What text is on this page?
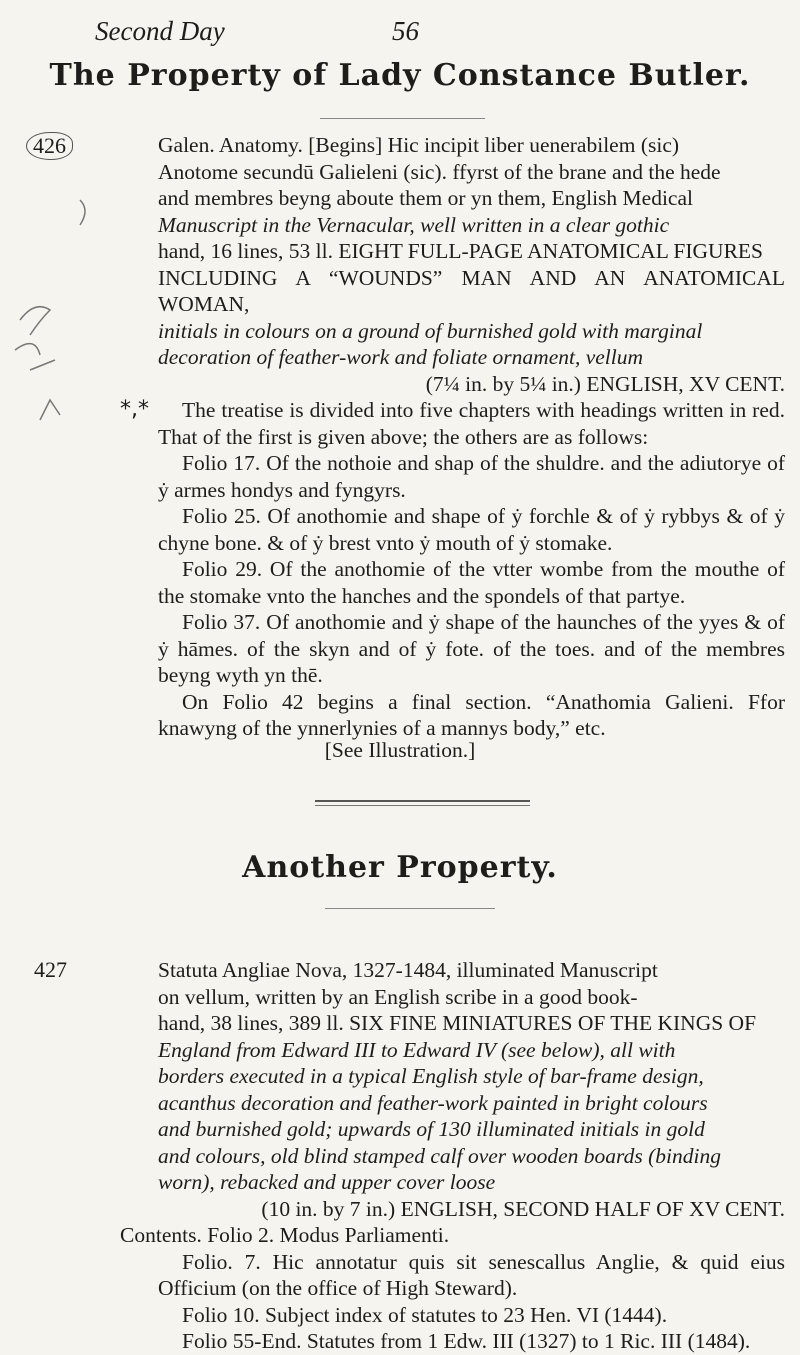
Second Day	56
The Property of Lady Constance Butler.
426	Galen. Anatomy. [Begins] Hic incipit liber uenerabilem (sic)
Anotome secundū Galieleni (sic). ffyrst of the brane and the hede
and membres beyng aboute them or yn them, English Medical
Manuscript in the Vernacular, well written in a clear gothic
hand, 16 lines, 53 ll. EIGHT FULL-PAGE ANATOMICAL FIGURES
INCLUDING A “WOUNDS” MAN AND AN ANATOMICAL WOMAN,
initials in colours on a ground of burnished gold with marginal
decoration of feather-work and foliate ornament, vellum
(7¼ in. by 5¼ in.) ENGLISH, XV CENT.

The treatise is divided into five chapters with headings written in red. That of the first is given above; the others are as follows:

Folio 17. Of the nothoie and shap of the shuldre. and the adiutorye of ẏ armes hondys and fyngyrs.

Folio 25. Of anothomie and shape of ẏ forchle & of ẏ rybbys & of ẏ chyne bone. & of ẏ brest vnto ẏ mouth of ẏ stomake.

Folio 29. Of the anothomie of the vtter wombe from the mouthe of the stomake vnto the hanches and the spondels of that partye.

Folio 37. Of anothomie and ẏ shape of the haunches of the yyes & of ẏ hāmes. of the skyn and of ẏ fote. of the toes. and of the membres beyng wyth yn thē.

On Folio 42 begins a final section. “Anathomia Galieni. Ffor knawyng of the ynnerlynies of a mannys body,” etc.

*,*
[See Illustration.]
Another Property.
427	Statuta Angliae Nova, 1327-1484, illuminated Manuscript
on vellum, written by an English scribe in a good book-
hand, 38 lines, 389 ll. SIX FINE MINIATURES OF THE KINGS OF
England from Edward III to Edward IV (see below), all with
borders executed in a typical English style of bar-frame design,
acanthus decoration and feather-work painted in bright colours
and burnished gold; upwards of 130 illuminated initials in gold
and colours, old blind stamped calf over wooden boards (binding
worn), rebacked and upper cover loose
(10 in. by 7 in.) ENGLISH, SECOND HALF OF XV CENT.
Contents. Folio 2. Modus Parliamenti.

Folio. 7. Hic annotatur quis sit senescallus Anglie, & quid eius Officium (on the office of High Steward).

Folio 10. Subject index of statutes to 23 Hen. VI (1444).

Folio 55-End. Statutes from 1 Edw. III (1327) to 1 Ric. III (1484).
